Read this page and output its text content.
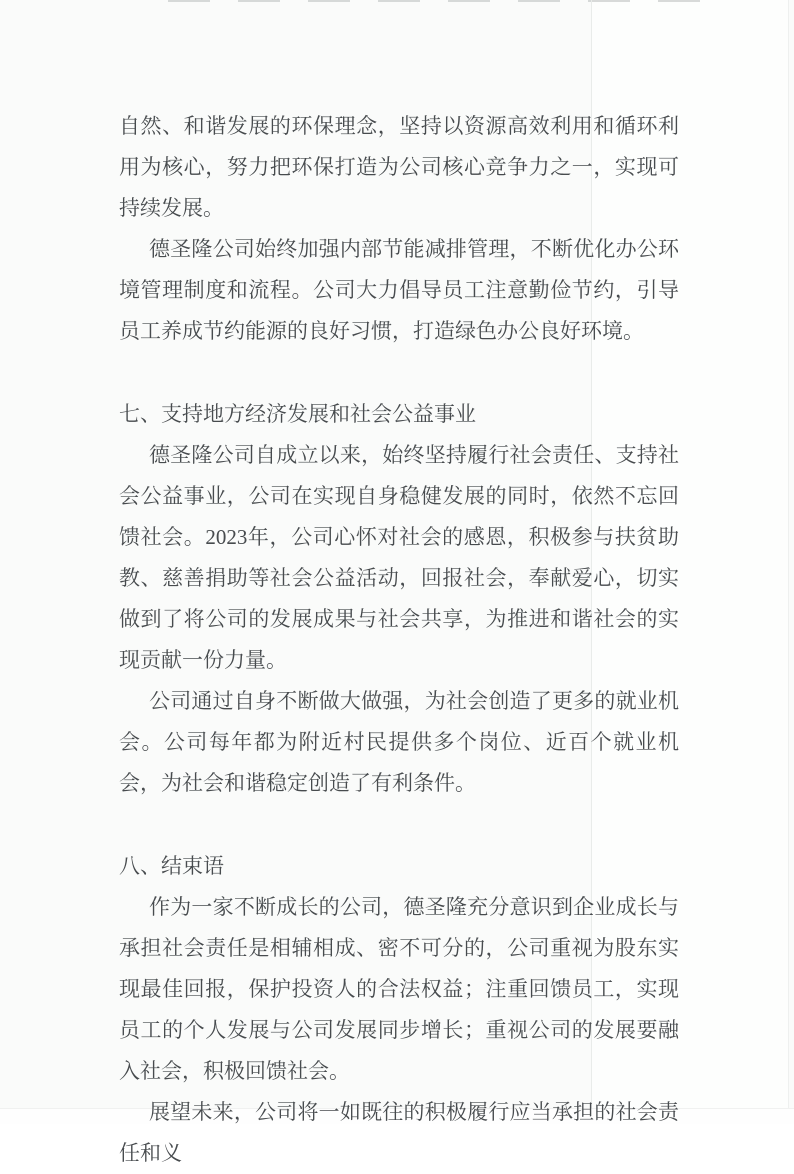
自然、和谐发展的环保理念，坚持以资源高效利用和循环利用为核心，努力把环保打造为公司核心竞争力之一，实现可持续发展。

德圣隆公司始终加强内部节能减排管理，不断优化办公环境管理制度和流程。公司大力倡导员工注意勤俭节约，引导员工养成节约能源的良好习惯，打造绿色办公良好环境。

七、支持地方经济发展和社会公益事业

德圣隆公司自成立以来，始终坚持履行社会责任、支持社会公益事业，公司在实现自身稳健发展的同时，依然不忘回馈社会。2023年，公司心怀对社会的感恩，积极参与扶贫助教、慈善捐助等社会公益活动，回报社会，奉献爱心，切实做到了将公司的发展成果与社会共享，为推进和谐社会的实现贡献一份力量。

公司通过自身不断做大做强，为社会创造了更多的就业机会。公司每年都为附近村民提供多个岗位、近百个就业机会，为社会和谐稳定创造了有利条件。

八、结束语

作为一家不断成长的公司，德圣隆充分意识到企业成长与承担社会责任是相辅相成、密不可分的，公司重视为股东实现最佳回报，保护投资人的合法权益；注重回馈员工，实现员工的个人发展与公司发展同步增长；重视公司的发展要融入社会，积极回馈社会。

展望未来，公司将一如既往的积极履行应当承担的社会责任和义
